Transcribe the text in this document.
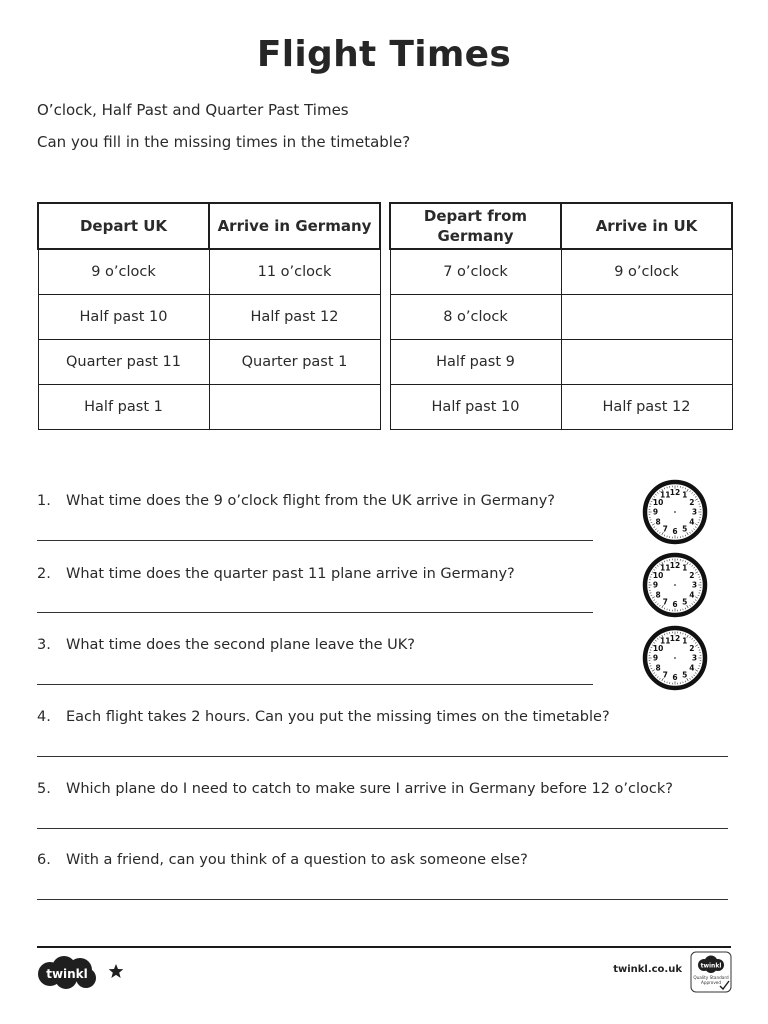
Flight Times
O’clock, Half Past and Quarter Past Times
Can you fill in the missing times in the timetable?
Depart UK	Arrive in Germany
9 o’clock	11 o’clock
Half past 10	Half past 12
Quarter past 11	Quarter past 1
Half past 1	
Depart from Germany	Arrive in UK
7 o’clock	9 o’clock
8 o’clock	
Half past 9	
Half past 10	Half past 12
1. What time does the 9 o’clock flight from the UK arrive in Germany?
2. What time does the quarter past 11 plane arrive in Germany?
3. What time does the second plane leave the UK?
4. Each flight takes 2 hours. Can you put the missing times on the timetable?
5. Which plane do I need to catch to make sure I arrive in Germany before 12 o’clock?
6. With a friend, can you think of a question to ask someone else?
12 1
2
3
4
5
6
7
8
9
10
11
12 1
2
3
4
5
6
7
8
9
10
11
12 1
2
3
4
5
6
7
8
9
10
11
twinkl	twinkl.co.uk	twinkl
Quality Standard Approved
